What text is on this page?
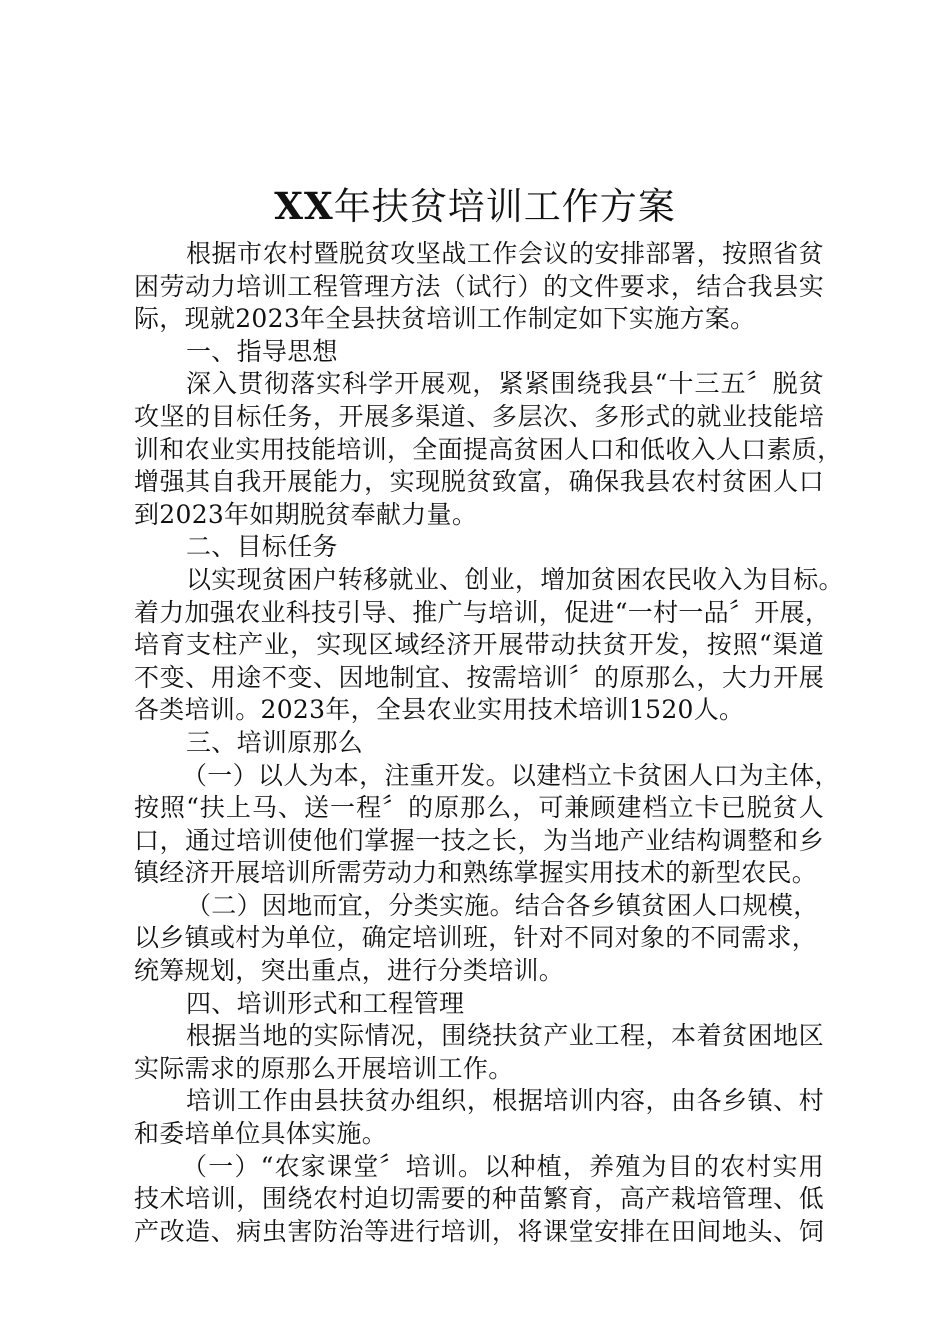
XX年扶贫培训工作方案
根据市农村暨脱贫攻坚战工作会议的安排部署，按照省贫
困劳动力培训工程管理方法（试行）的文件要求，结合我县实
际，现就2023年全县扶贫培训工作制定如下实施方案。
一、指导思想
深入贯彻落实科学开展观，紧紧围绕我县“十三五〞脱贫
攻坚的目标任务，开展多渠道、多层次、多形式的就业技能培
训和农业实用技能培训，全面提高贫困人口和低收入人口素质，
增强其自我开展能力，实现脱贫致富，确保我县农村贫困人口
到2023年如期脱贫奉献力量。
二、目标任务
以实现贫困户转移就业、创业，增加贫困农民收入为目标。
着力加强农业科技引导、推广与培训，促进“一村一品〞开展，
培育支柱产业，实现区域经济开展带动扶贫开发，按照“渠道
不变、用途不变、因地制宜、按需培训〞的原那么，大力开展
各类培训。2023年，全县农业实用技术培训1520人。
三、培训原那么
（一）以人为本，注重开发。以建档立卡贫困人口为主体，
按照“扶上马、送一程〞的原那么，可兼顾建档立卡已脱贫人
口，通过培训使他们掌握一技之长，为当地产业结构调整和乡
镇经济开展培训所需劳动力和熟练掌握实用技术的新型农民。
（二）因地而宜，分类实施。结合各乡镇贫困人口规模，
以乡镇或村为单位，确定培训班，针对不同对象的不同需求，
统筹规划，突出重点，进行分类培训。
四、培训形式和工程管理
根据当地的实际情况，围绕扶贫产业工程，本着贫困地区
实际需求的原那么开展培训工作。
培训工作由县扶贫办组织，根据培训内容，由各乡镇、村
和委培单位具体实施。
（一）“农家课堂〞培训。以种植，养殖为目的农村实用
技术培训，围绕农村迫切需要的种苗繁育，高产栽培管理、低
产改造、病虫害防治等进行培训，将课堂安排在田间地头、饲
